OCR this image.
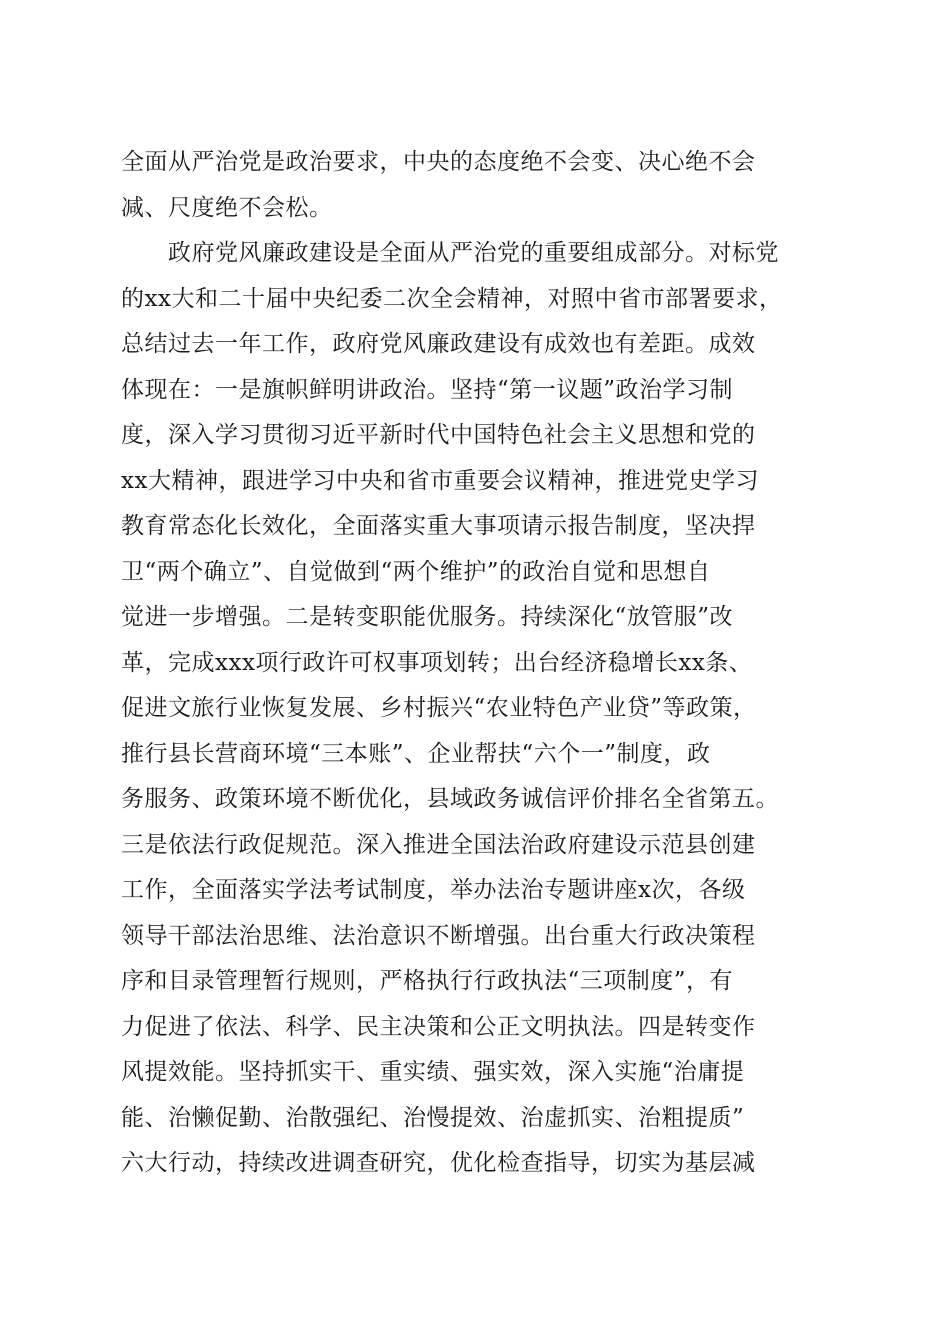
全面从严治党是政治要求，中央的态度绝不会变、决心绝不会
减、尺度绝不会松。

　　政府党风廉政建设是全面从严治党的重要组成部分。对标党
的xx大和二十届中央纪委二次全会精神，对照中省市部署要求，
总结过去一年工作，政府党风廉政建设有成效也有差距。成效
体现在：一是旗帜鲜明讲政治。坚持“第一议题”政治学习制
度，深入学习贯彻习近平新时代中国特色社会主义思想和党的
xx大精神，跟进学习中央和省市重要会议精神，推进党史学习
教育常态化长效化，全面落实重大事项请示报告制度，坚决捍
卫“两个确立”、自觉做到“两个维护”的政治自觉和思想自
觉进一步增强。二是转变职能优服务。持续深化“放管服”改
革，完成xxx项行政许可权事项划转；出台经济稳增长xx条、
促进文旅行业恢复发展、乡村振兴“农业特色产业贷”等政策，
推行县长营商环境“三本账”、企业帮扶“六个一”制度，政
务服务、政策环境不断优化，县域政务诚信评价排名全省第五。
三是依法行政促规范。深入推进全国法治政府建设示范县创建
工作，全面落实学法考试制度，举办法治专题讲座x次，各级
领导干部法治思维、法治意识不断增强。出台重大行政决策程
序和目录管理暂行规则，严格执行行政执法“三项制度”，有
力促进了依法、科学、民主决策和公正文明执法。四是转变作
风提效能。坚持抓实干、重实绩、强实效，深入实施“治庸提
能、治懒促勤、治散强纪、治慢提效、治虚抓实、治粗提质”
六大行动，持续改进调查研究，优化检查指导，切实为基层减
